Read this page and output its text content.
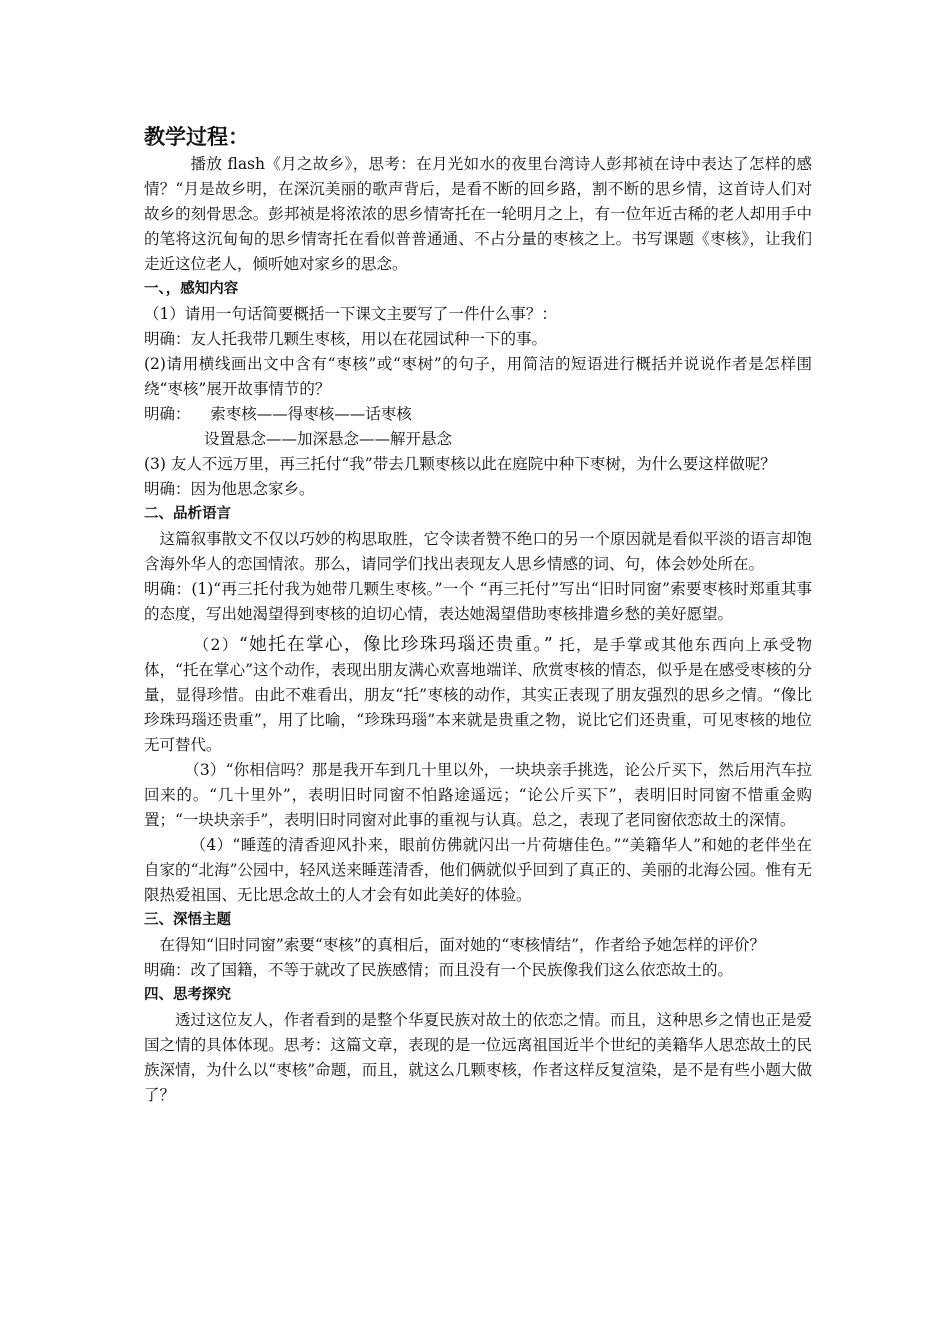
教学过程：

播放 flash《月之故乡》，思考：在月光如水的夜里台湾诗人彭邦祯在诗中表达了怎样的感情？“月是故乡明，在深沉美丽的歌声背后，是看不断的回乡路，割不断的思乡情，这首诗人们对故乡的刻骨思念。彭邦祯是将浓浓的思乡情寄托在一轮明月之上，有一位年近古稀的老人却用手中的笔将这沉甸甸的思乡情寄托在看似普普通通、不占分量的枣核之上。书写课题《枣核》，让我们走近这位老人，倾听她对家乡的思念。

一、，感知内容

（1）请用一句话简要概括一下课文主要写了一件什么事？：

明确：友人托我带几颗生枣核，用以在花园试种一下的事。

(2)请用横线画出文中含有“枣核”或“枣树”的句子，用简洁的短语进行概括并说说作者是怎样围绕“枣核”展开故事情节的？

明确：    索枣核——得枣核——话枣核

设置悬念——加深悬念——解开悬念

(3) 友人不远万里，再三托付“我”带去几颗枣核以此在庭院中种下枣树，为什么要这样做呢？

明确：因为他思念家乡。

二、品析语言

这篇叙事散文不仅以巧妙的构思取胜，它令读者赞不绝口的另一个原因就是看似平淡的语言却饱含海外华人的恋国情浓。那么，请同学们找出表现友人思乡情感的词、句，体会妙处所在。

明确：(1)“再三托付我为她带几颗生枣核。”一个 “再三托付”写出“旧时同窗”索要枣核时郑重其事的态度，写出她渴望得到枣核的迫切心情，表达她渴望借助枣核排遣乡愁的美好愿望。

（2）“她托在掌心，像比珍珠玛瑙还贵重。” 托，是手掌或其他东西向上承受物体，“托在掌心”这个动作，表现出朋友满心欢喜地端详、欣赏枣核的情态，似乎是在感受枣核的分量，显得珍惜。由此不难看出，朋友“托”枣核的动作，其实正表现了朋友强烈的思乡之情。“像比珍珠玛瑙还贵重”，用了比喻，“珍珠玛瑙”本来就是贵重之物，说比它们还贵重，可见枣核的地位无可替代。

（3）“你相信吗？那是我开车到几十里以外，一块块亲手挑选，论公斤买下，然后用汽车拉回来的。“几十里外”，表明旧时同窗不怕路途遥远；“论公斤买下”，表明旧时同窗不惜重金购置；“一块块亲手”，表明旧时同窗对此事的重视与认真。总之，表现了老同窗依恋故土的深情。

（4）“睡莲的清香迎风扑来，眼前仿佛就闪出一片荷塘佳色。”“美籍华人”和她的老伴坐在自家的“北海”公园中，轻风送来睡莲清香，他们俩就似乎回到了真正的、美丽的北海公园。惟有无限热爱祖国、无比思念故土的人才会有如此美好的体验。

三、深悟主题

在得知“旧时同窗”索要“枣核”的真相后，面对她的“枣核情结”，作者给予她怎样的评价？

明确：改了国籍，不等于就改了民族感情；而且没有一个民族像我们这么依恋故土的。

四、思考探究

透过这位友人，作者看到的是整个华夏民族对故土的依恋之情。而且，这种思乡之情也正是爱国之情的具体体现。思考：这篇文章，表现的是一位远离祖国近半个世纪的美籍华人思恋故土的民族深情，为什么以“枣核”命题，而且，就这么几颗枣核，作者这样反复渲染，是不是有些小题大做了？
